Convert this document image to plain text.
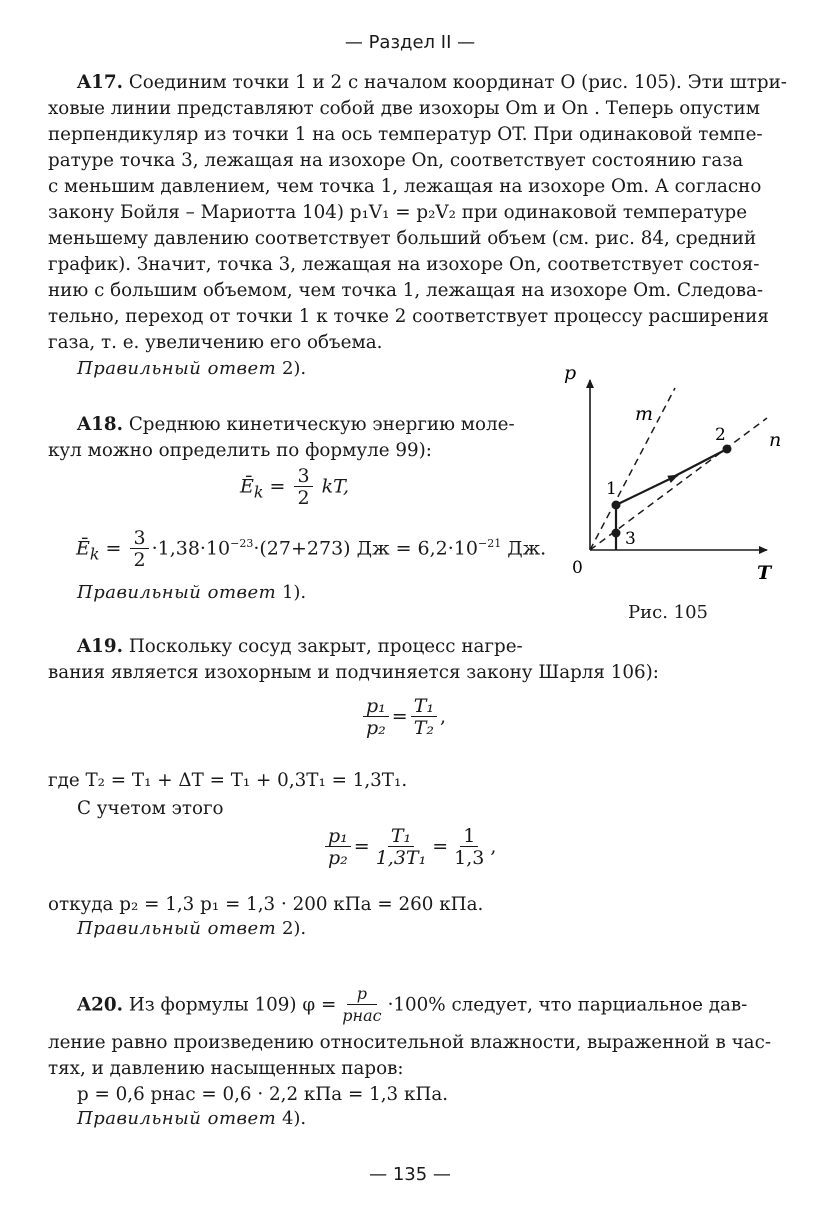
— Раздел II —
A17. Соединим точки 1 и 2 с началом координат O (рис. 105). Эти штри-
ховые линии представляют собой две изохоры Om и On . Теперь опустим
перпендикуляр из точки 1 на ось температур OT. При одинаковой темпе-
ратуре точка 3, лежащая на изохоре On, соответствует состоянию газа
с меньшим давлением, чем точка 1, лежащая на изохоре Om. А согласно
закону Бойля – Мариотта 104) p₁V₁ = p₂V₂ при одинаковой температуре
меньшему давлению соответствует больший объем (см. рис. 84, средний
график). Значит, точка 3, лежащая на изохоре On, соответствует состоя-
нию с большим объемом, чем точка 1, лежащая на изохоре Om. Следова-
тельно, переход от точки 1 к точке 2 соответствует процессу расширения
газа, т. е. увеличению его объема.
Правильный ответ 2).
A18. Среднюю кинетическую энергию моле-
кул можно определить по формуле 99):
$Ē_k = \frac{3}{2}$ kT,
$Ē_k = \frac{3}{2} \cdot 1,38\cdot 10^{-23}\cdot(27+273)$ Дж = $6,2\cdot 10^{-21}$ Дж.
Правильный ответ 1).
p
T
0
m
n
1
2
3
Рис. 105
A19. Поскольку сосуд закрыт, процесс нагре-
вания является изохорным и подчиняется закону Шарля 106):
$\frac{\text{p₁}}{\text{p₂}} = \frac{\text{T₁}}{\text{T₂}}$ ,
где T₂ = T₁ + ΔT = T₁ + 0,3T₁ = 1,3T₁.
С учетом этого
$\frac{\text{p₁}}{\text{p₂}} = \frac{\text{T₁}}{\text{1,3T₁}} = \frac{1}{1,3}$ ,
откуда p₂ = 1,3 p₁ = 1,3 · 200 кПа = 260 кПа.
Правильный ответ 2).
A20. Из формулы 109) $\varphi = \frac{p}{\text{pнас}} \cdot 100\%$ следует, что парциальное дав-
ление равно произведению относительной влажности, выраженной в час-
тях, и давлению насыщенных паров:
p = 0,6 pнас = 0,6 · 2,2 кПа = 1,3 кПа.
Правильный ответ 4).
— 135 —
